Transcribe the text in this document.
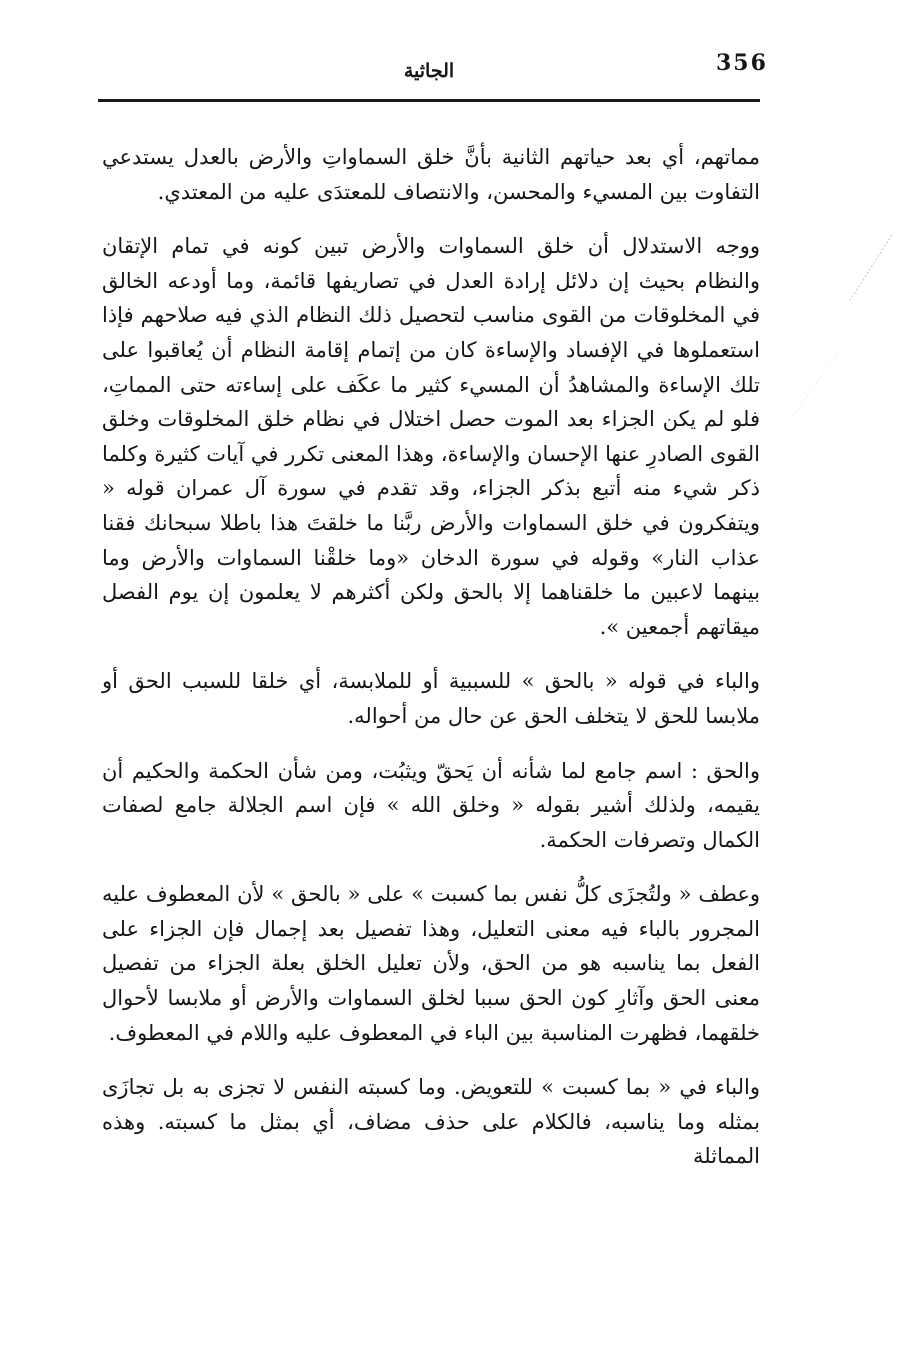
356
الجاثية

مماتهم، أي بعد حياتهم الثانية بأنَّ خلق السماواتِ والأرض بالعدل يستدعي التفاوت بين المسيء والمحسن، والانتصاف للمعتدَى عليه من المعتدي.

ووجه الاستدلال أن خلق السماوات والأرض تبين كونه في تمام الإتقان والنظام بحيث إن دلائل إرادة العدل في تصاريفها قائمة، وما أودعه الخالق في المخلوقات من القوى مناسب لتحصيل ذلك النظام الذي فيه صلاحهم فإذا استعملوها في الإفساد والإساءة كان من إتمام إقامة النظام أن يُعاقبوا على تلك الإساءة والمشاهدُ أن المسيء كثير ما عكَف على إساءته حتى المماتِ، فلو لم يكن الجزاء بعد الموت حصل اختلال في نظام خلق المخلوقات وخلق القوى الصادرِ عنها الإحسان والإساءة، وهذا المعنى تكرر في آيات كثيرة وكلما ذكر شيء منه أتبع بذكر الجزاء، وقد تقدم في سورة آل عمران قوله « ويتفكرون في خلق السماوات والأرض ربَّنا ما خلقتَ هذا باطلا سبحانك فقنا عذاب النار» وقوله في سورة الدخان «وما خلقْنا السماوات والأرض وما بينهما لاعبين ما خلقناهما إلا بالحق ولكن أكثرهم لا يعلمون إن يوم الفصل ميقاتهم أجمعين ».

والباء في قوله « بالحق » للسببية أو للملابسة، أي خلقا للسبب الحق أو ملابسا للحق لا يتخلف الحق عن حال من أحواله.

والحق : اسم جامع لما شأنه أن يَحقّ ويثبُت، ومن شأن الحكمة والحكيم أن يقيمه، ولذلك أشير بقوله « وخلق الله » فإن اسم الجلالة جامع لصفات الكمال وتصرفات الحكمة.

وعطف « ولتُجزَى كلُّ نفس بما كسبت » على « بالحق » لأن المعطوف عليه المجرور بالباء فيه معنى التعليل، وهذا تفصيل بعد إجمال فإن الجزاء على الفعل بما يناسبه هو من الحق، ولأن تعليل الخلق بعلة الجزاء من تفصيل معنى الحق وآثارِ كون الحق سببا لخلق السماوات والأرض أو ملابسا لأحوال خلقهما، فظهرت المناسبة بين الباء في المعطوف عليه واللام في المعطوف.

والباء في « بما كسبت » للتعويض. وما كسبته النفس لا تجزى به بل تجازَى بمثله وما يناسبه، فالكلام على حذف مضاف، أي بمثل ما كسبته. وهذه المماثلة
